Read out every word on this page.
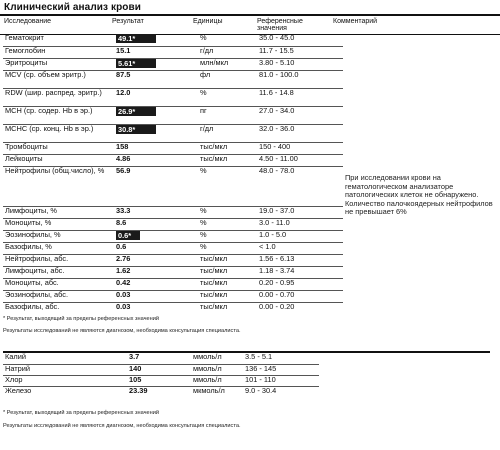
Клинический анализ крови
Исследование	Результат	Единицы	Референсные
значения
Комментарий
Гематокрит	49.1*	%	35.0 - 45.0	
Гемоглобин	15.1	г/дл	11.7 - 15.5	
Эритроциты	5.61*	млн/мкл	3.80 - 5.10	
MCV (ср. объем эритр.)	87.5	фл	81.0 - 100.0	
RDW (шир. распред. эритр.)	12.0	%	11.6 - 14.8	
MCH (ср. содер. Hb в эр.)	26.9*	пг	27.0 - 34.0	
MCHC (ср. конц. Hb в эр.)	30.8*	г/дл	32.0 - 36.0	
Тромбоциты	158	тыс/мкл	150 - 400	
Лейкоциты	4.86	тыс/мкл	4.50 - 11.00	
Нейтрофилы (общ.число), %	56.9	%	48.0 - 78.0	При исследовании крови на гематологическом анализаторе патологических клеток не обнаружено. Количество палочкоядерных нейтрофилов не превышает 6%
Лимфоциты, %	33.3	%	19.0 - 37.0	
Моноциты, %	8.6	%	3.0 - 11.0	
Эозинофилы, %	0.6*	%	1.0 - 5.0	
Базофилы, %	0.6	%	< 1.0	
Нейтрофилы, абс.	2.76	тыс/мкл	1.56 - 6.13	
Лимфоциты, абс.	1.62	тыс/мкл	1.18 - 3.74	
Моноциты, абс.	0.42	тыс/мкл	0.20 - 0.95	
Эозинофилы, абс.	0.03	тыс/мкл	0.00 - 0.70	
Базофилы, абс.	0.03	тыс/мкл	0.00 - 0.20	
* Результат, выходящий за пределы референсных значений
Результаты исследований не являются диагнозом, необходима консультация специалиста.
Калий	3.7	ммоль/л	3.5 - 5.1
Натрий	140	ммоль/л	136 - 145
Хлор	105	ммоль/л	101 - 110
Железо	23.39	мкмоль/л	9.0 - 30.4
* Результат, выходящий за пределы референсных значений
Результаты исследований не являются диагнозом, необходима консультация специалиста.
